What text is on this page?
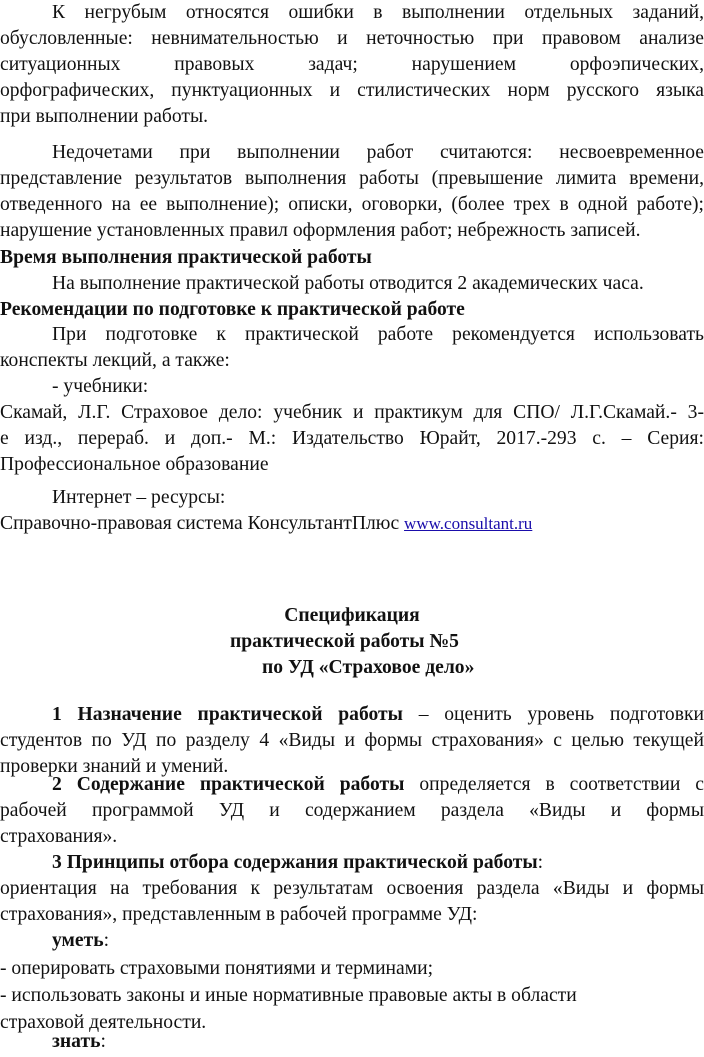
К негрубым относятся ошибки в выполнении отдельных заданий,
обусловленные: невнимательностью и неточностью при правовом анализе
ситуационных правовых задач; нарушением орфоэпических,
орфографических, пунктуационных и стилистических норм русского языка
при выполнении работы.
Недочетами при выполнении работ считаются: несвоевременное
представление результатов выполнения работы (превышение лимита времени,
отведенного на ее выполнение); описки, оговорки, (более трех в одной работе);
нарушение установленных правил оформления работ; небрежность записей.
Время выполнения практической работы
На выполнение практической работы отводится 2 академических часа.
Рекомендации по подготовке к практической работе
При подготовке к практической работе рекомендуется использовать
конспекты лекций, а также:
- учебники:
Скамай, Л.Г. Страховое дело: учебник и практикум для СПО/ Л.Г.Скамай.- 3-
е изд., перераб. и доп.- М.: Издательство Юрайт, 2017.-293 с. – Серия:
Профессиональное образование
Интернет – ресурсы:
Справочно-правовая система КонсультантПлюс www.consultant.ru
Спецификация
практической работы №5
по УД «Страховое дело»
1 Назначение практической работы – оценить уровень подготовки
студентов по УД по разделу 4 «Виды и формы страхования» с целью текущей
проверки знаний и умений.
2 Содержание практической работы определяется в соответствии с
рабочей программой УД и содержанием раздела «Виды и формы
страхования».
3 Принципы отбора содержания практической работы:
ориентация на требования к результатам освоения раздела «Виды и формы
страхования», представленным в рабочей программе УД:
уметь:
- оперировать страховыми понятиями и терминами;
- использовать законы и иные нормативные правовые акты в области
страховой деятельности.
знать:
